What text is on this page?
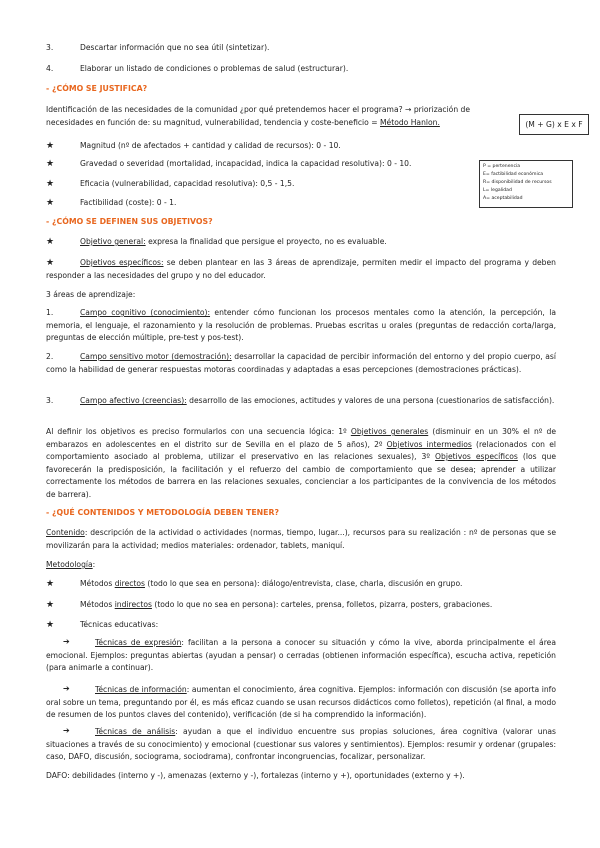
3.	Descartar información que no sea útil (sintetizar).
4.	Elaborar un listado de condiciones o problemas de salud (estructurar).
- ¿CÓMO SE JUSTIFICA?
Identificación de las necesidades de la comunidad ¿por qué pretendemos hacer el programa? → priorización de necesidades en función de: su magnitud, vulnerabilidad, tendencia y coste-beneficio = Método Hanlon.	(M + G) x E x F
★	Magnitud (nº de afectados + cantidad y calidad de recursos): 0 - 10.
★	Gravedad o severidad (mortalidad, incapacidad, indica la capacidad resolutiva): 0 - 10.
★	Eficacia (vulnerabilidad, capacidad resolutiva): 0,5 - 1,5.
★	Factibilidad (coste): 0 - 1.
P = pertenencia
E= factibilidad económica
R= disponibilidad de recursos
L= legalidad
A= aceptabilidad
- ¿CÓMO SE DEFINEN SUS OBJETIVOS?
★	Objetivo general: expresa la finalidad que persigue el proyecto, no es evaluable.
★	Objetivos específicos: se deben plantear en las 3 áreas de aprendizaje, permiten medir el impacto del programa y deben responder a las necesidades del grupo y no del educador.
3 áreas de aprendizaje:
1.	Campo cognitivo (conocimiento): entender cómo funcionan los procesos mentales como la atención, la percepción, la memoria, el lenguaje, el razonamiento y la resolución de problemas. Pruebas escritas u orales (preguntas de redacción corta/larga, preguntas de elección múltiple, pre-test y pos-test).
2.	Campo sensitivo motor (demostración): desarrollar la capacidad de percibir información del entorno y del propio cuerpo, así como la habilidad de generar respuestas motoras coordinadas y adaptadas a esas percepciones (demostraciones prácticas).
3.	Campo afectivo (creencias): desarrollo de las emociones, actitudes y valores de una persona (cuestionarios de satisfacción).
Al definir los objetivos es preciso formularlos con una secuencia lógica: 1º Objetivos generales (disminuir en un 30% el nº de embarazos en adolescentes en el distrito sur de Sevilla en el plazo de 5 años), 2º Objetivos intermedios (relacionados con el comportamiento asociado al problema, utilizar el preservativo en las relaciones sexuales), 3º Objetivos específicos (los que favorecerán la predisposición, la facilitación y el refuerzo del cambio de comportamiento que se desea; aprender a utilizar correctamente los métodos de barrera en las relaciones sexuales, concienciar a los participantes de la convivencia de los métodos de barrera).
- ¿QUÉ CONTENIDOS Y METODOLOGÍA DEBEN TENER?
Contenido: descripción de la actividad o actividades (normas, tiempo, lugar...), recursos para su realización : nº de personas que se movilizarán para la actividad; medios materiales: ordenador, tablets, maniquí.
Metodología:
★	Métodos directos (todo lo que sea en persona): diálogo/entrevista, clase, charla, discusión en grupo.
★	Métodos indirectos (todo lo que no sea en persona): carteles, prensa, folletos, pizarra, posters, grabaciones.
★	Técnicas educativas:
➔	Técnicas de expresión: facilitan a la persona a conocer su situación y cómo la vive, aborda principalmente el área emocional. Ejemplos: preguntas abiertas (ayudan a pensar) o cerradas (obtienen información específica), escucha activa, repetición (para animarle a continuar).
➔	Técnicas de información: aumentan el conocimiento, área cognitiva. Ejemplos: información con discusión (se aporta info oral sobre un tema, preguntando por él, es más eficaz cuando se usan recursos didácticos como folletos), repetición (al final, a modo de resumen de los puntos claves del contenido), verificación (de si ha comprendido la información).
➔	Técnicas de análisis: ayudan a que el individuo encuentre sus propias soluciones, área cognitiva (valorar unas situaciones a través de su conocimiento) y emocional (cuestionar sus valores y sentimientos). Ejemplos: resumir y ordenar (grupales: caso, DAFO, discusión, sociograma, sociodrama), confrontar incongruencias, focalizar, personalizar.
DAFO: debilidades (interno y -), amenazas (externo y -), fortalezas (interno y +), oportunidades (externo y +).
